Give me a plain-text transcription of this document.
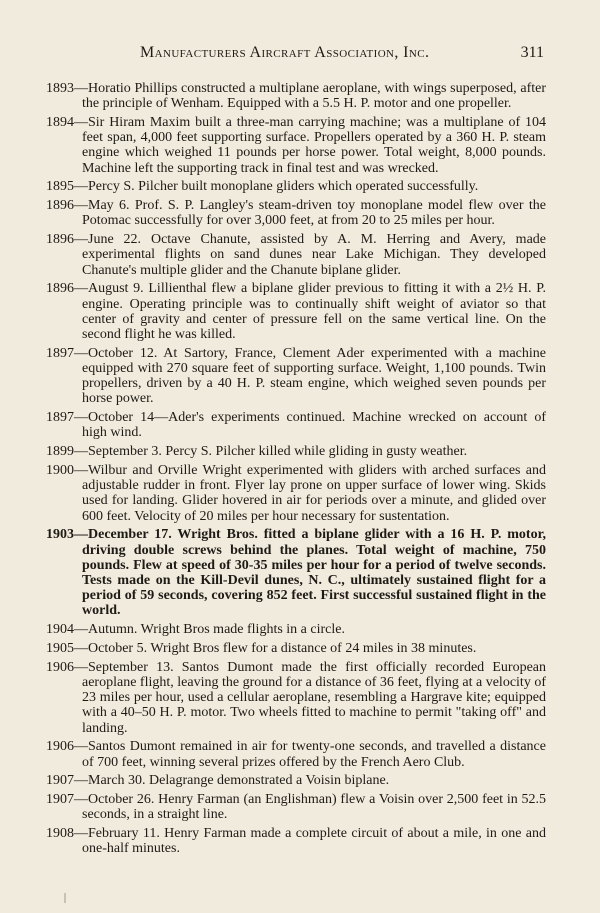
Manufacturers Aircraft Association, Inc.	311

1893—Horatio Phillips constructed a multiplane aeroplane, with wings superposed, after the principle of Wenham. Equipped with a 5.5 H. P. motor and one propeller.

1894—Sir Hiram Maxim built a three-man carrying machine; was a multiplane of 104 feet span, 4,000 feet supporting surface. Propellers operated by a 360 H. P. steam engine which weighed 11 pounds per horse power. Total weight, 8,000 pounds. Machine left the supporting track in final test and was wrecked.

1895—Percy S. Pilcher built monoplane gliders which operated successfully.

1896—May 6. Prof. S. P. Langley's steam-driven toy monoplane model flew over the Potomac successfully for over 3,000 feet, at from 20 to 25 miles per hour.

1896—June 22. Octave Chanute, assisted by A. M. Herring and Avery, made experimental flights on sand dunes near Lake Michigan. They developed Chanute's multiple glider and the Chanute biplane glider.

1896—August 9. Lillienthal flew a biplane glider previous to fitting it with a 2½ H. P. engine. Operating principle was to continually shift weight of aviator so that center of gravity and center of pressure fell on the same vertical line. On the second flight he was killed.

1897—October 12. At Sartory, France, Clement Ader experimented with a machine equipped with 270 square feet of supporting surface. Weight, 1,100 pounds. Twin propellers, driven by a 40 H. P. steam engine, which weighed seven pounds per horse power.

1897—October 14—Ader's experiments continued. Machine wrecked on account of high wind.

1899—September 3. Percy S. Pilcher killed while gliding in gusty weather.

1900—Wilbur and Orville Wright experimented with gliders with arched surfaces and adjustable rudder in front. Flyer lay prone on upper surface of lower wing. Skids used for landing. Glider hovered in air for periods over a minute, and glided over 600 feet. Velocity of 20 miles per hour necessary for sustentation.

1903—December 17. Wright Bros. fitted a biplane glider with a 16 H. P. motor, driving double screws behind the planes. Total weight of machine, 750 pounds. Flew at speed of 30-35 miles per hour for a period of twelve seconds. Tests made on the Kill-Devil dunes, N. C., ultimately sustained flight for a period of 59 seconds, covering 852 feet. First successful sustained flight in the world.

1904—Autumn. Wright Bros made flights in a circle.

1905—October 5. Wright Bros flew for a distance of 24 miles in 38 minutes.

1906—September 13. Santos Dumont made the first officially recorded European aeroplane flight, leaving the ground for a distance of 36 feet, flying at a velocity of 23 miles per hour, used a cellular aeroplane, resembling a Hargrave kite; equipped with a 40–50 H. P. motor. Two wheels fitted to machine to permit "taking off" and landing.

1906—Santos Dumont remained in air for twenty-one seconds, and travelled a distance of 700 feet, winning several prizes offered by the French Aero Club.

1907—March 30. Delagrange demonstrated a Voisin biplane.

1907—October 26. Henry Farman (an Englishman) flew a Voisin over 2,500 feet in 52.5 seconds, in a straight line.

1908—February 11. Henry Farman made a complete circuit of about a mile, in one and one-half minutes.
